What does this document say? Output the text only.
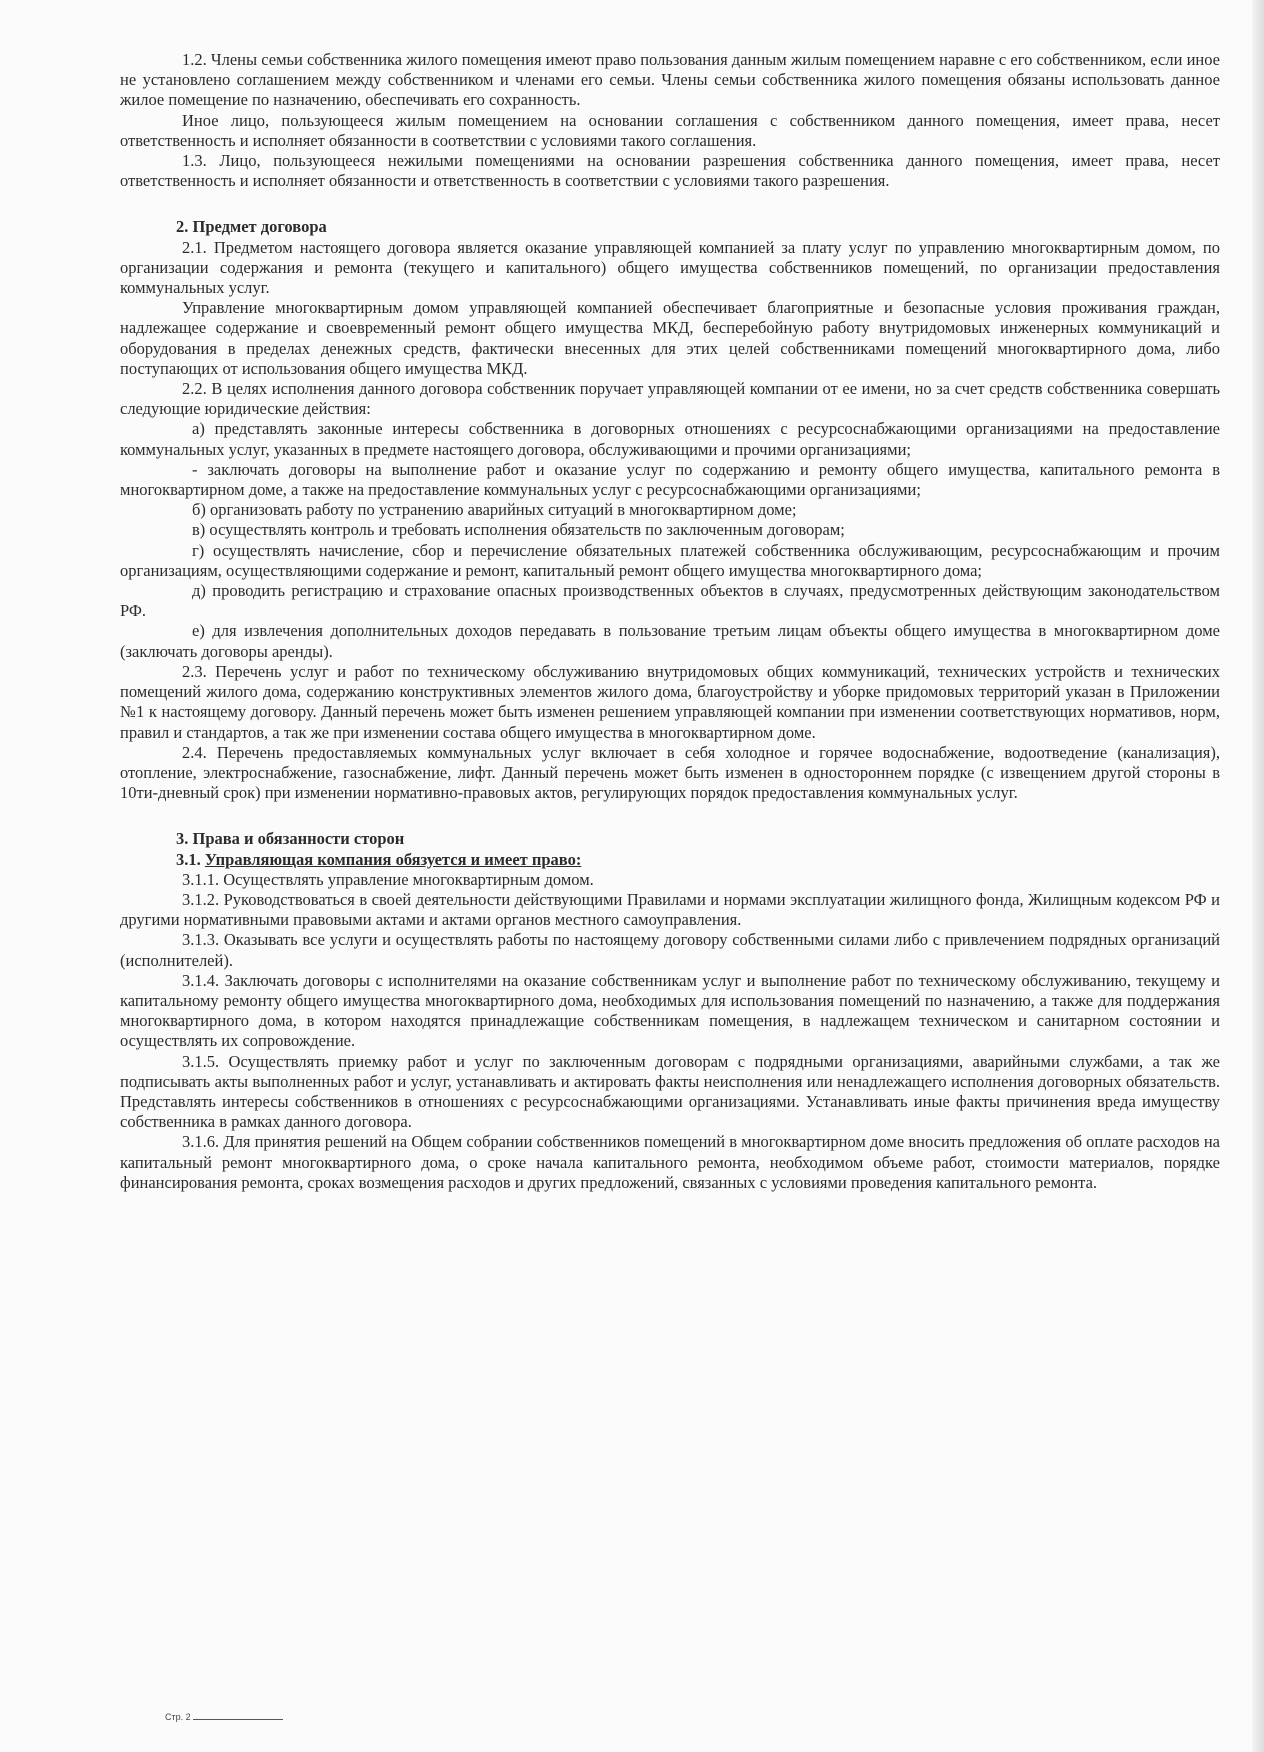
1.2. Члены семьи собственника жилого помещения имеют право пользования данным жилым помещением наравне с его собственником, если иное не установлено соглашением между собственником и членами его семьи. Члены семьи собственника жилого помещения обязаны использовать данное жилое помещение по назначению, обеспечивать его сохранность.

Иное лицо, пользующееся жилым помещением на основании соглашения с собственником данного помещения, имеет права, несет ответственность и исполняет обязанности в соответствии с условиями такого соглашения.

1.3. Лицо, пользующееся нежилыми помещениями на основании разрешения собственника данного помещения, имеет права, несет ответственность и исполняет обязанности и ответственность в соответствии с условиями такого разрешения.

2. Предмет договора

2.1. Предметом настоящего договора является оказание управляющей компанией за плату услуг по управлению многоквартирным домом, по организации содержания и ремонта (текущего и капитального) общего имущества собственников помещений, по организации предоставления коммунальных услуг.

Управление многоквартирным домом управляющей компанией обеспечивает благоприятные и безопасные условия проживания граждан, надлежащее содержание и своевременный ремонт общего имущества МКД, бесперебойную работу внутридомовых инженерных коммуникаций и оборудования в пределах денежных средств, фактически внесенных для этих целей собственниками помещений многоквартирного дома, либо поступающих от использования общего имущества МКД.

2.2. В целях исполнения данного договора собственник поручает управляющей компании от ее имени, но за счет средств собственника совершать следующие юридические действия:

а) представлять законные интересы собственника в договорных отношениях с ресурсоснабжающими организациями на предоставление коммунальных услуг, указанных в предмете настоящего договора, обслуживающими и прочими организациями;

- заключать договоры на выполнение работ и оказание услуг по содержанию и ремонту общего имущества, капитального ремонта в многоквартирном доме, а также на предоставление коммунальных услуг с ресурсоснабжающими организациями;

б) организовать работу по устранению аварийных ситуаций в многоквартирном доме;

в) осуществлять контроль и требовать исполнения обязательств по заключенным договорам;

г) осуществлять начисление, сбор и перечисление обязательных платежей собственника обслуживающим, ресурсоснабжающим и прочим организациям, осуществляющими содержание и ремонт, капитальный ремонт общего имущества многоквартирного дома;

д) проводить регистрацию и страхование опасных производственных объектов в случаях, предусмотренных действующим законодательством РФ.

е) для извлечения дополнительных доходов передавать в пользование третьим лицам объекты общего имущества в многоквартирном доме (заключать договоры аренды).

2.3. Перечень услуг и работ по техническому обслуживанию внутридомовых общих коммуникаций, технических устройств и технических помещений жилого дома, содержанию конструктивных элементов жилого дома, благоустройству и уборке придомовых территорий указан в Приложении №1 к настоящему договору. Данный перечень может быть изменен решением управляющей компании при изменении соответствующих нормативов, норм, правил и стандартов, а так же при изменении состава общего имущества в многоквартирном доме.

2.4. Перечень предоставляемых коммунальных услуг включает в себя холодное и горячее водоснабжение, водоотведение (канализация), отопление, электроснабжение, газоснабжение, лифт. Данный перечень может быть изменен в одностороннем порядке (с извещением другой стороны в 10ти-дневный срок) при изменении нормативно-правовых актов, регулирующих порядок предоставления коммунальных услуг.

3. Права и обязанности сторон
3.1. Управляющая компания обязуется и имеет право:

3.1.1. Осуществлять управление многоквартирным домом.

3.1.2. Руководствоваться в своей деятельности действующими Правилами и нормами эксплуатации жилищного фонда, Жилищным кодексом РФ и другими нормативными правовыми актами и актами органов местного самоуправления.

3.1.3. Оказывать все услуги и осуществлять работы по настоящему договору собственными силами либо с привлечением подрядных организаций (исполнителей).

3.1.4. Заключать договоры с исполнителями на оказание собственникам услуг и выполнение работ по техническому обслуживанию, текущему и капитальному ремонту общего имущества многоквартирного дома, необходимых для использования помещений по назначению, а также для поддержания многоквартирного дома, в котором находятся принадлежащие собственникам помещения, в надлежащем техническом и санитарном состоянии и осуществлять их сопровождение.

3.1.5. Осуществлять приемку работ и услуг по заключенным договорам с подрядными организациями, аварийными службами, а так же подписывать акты выполненных работ и услуг, устанавливать и актировать факты неисполнения или ненадлежащего исполнения договорных обязательств. Представлять интересы собственников в отношениях с ресурсоснабжающими организациями. Устанавливать иные факты причинения вреда имуществу собственника в рамках данного договора.

3.1.6. Для принятия решений на Общем собрании собственников помещений в многоквартирном доме вносить предложения об оплате расходов на капитальный ремонт многоквартирного дома, о сроке начала капитального ремонта, необходимом объеме работ, стоимости материалов, порядке финансирования ремонта, сроках возмещения расходов и других предложений, связанных с условиями проведения капитального ремонта.

Стр. 2
